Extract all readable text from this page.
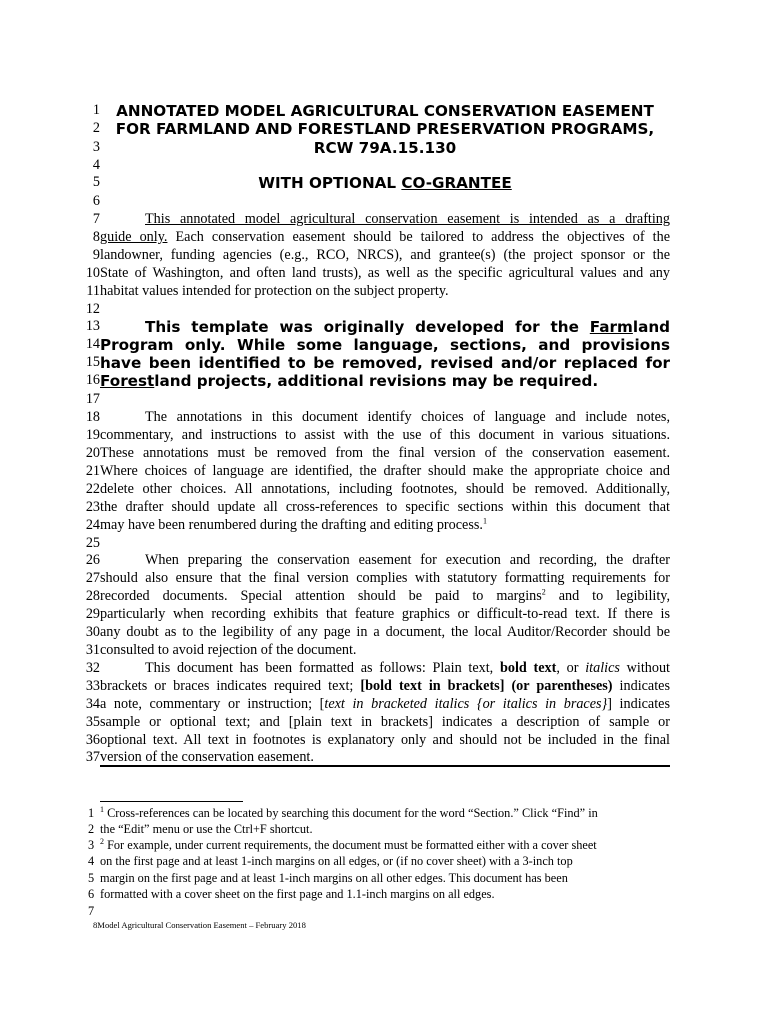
1	ANNOTATED MODEL AGRICULTURAL CONSERVATION EASEMENT
2	FOR FARMLAND AND FORESTLAND PRESERVATION PROGRAMS,
3	RCW 79A.15.130
4
5	WITH OPTIONAL CO-GRANTEE
6
7	This annotated model agricultural conservation easement is intended as a drafting
8 guide only. Each conservation easement should be tailored to address the objectives of the
9 landowner, funding agencies (e.g., RCO, NRCS), and grantee(s) (the project sponsor or the
10 State of Washington, and often land trusts), as well as the specific agricultural values and any
11 habitat values intended for protection on the subject property.
12
13	This template was originally developed for the Farmland
14 Program only. While some language, sections, and provisions
15 have been identified to be removed, revised and/or replaced for
16 Forestland projects, additional revisions may be required.
17
18	The annotations in this document identify choices of language and include notes,
19 commentary, and instructions to assist with the use of this document in various situations.
20 These annotations must be removed from the final version of the conservation easement.
21 Where choices of language are identified, the drafter should make the appropriate choice and
22 delete other choices. All annotations, including footnotes, should be removed. Additionally,
23 the drafter should update all cross-references to specific sections within this document that
24 may have been renumbered during the drafting and editing process.$^1$
25
26	When preparing the conservation easement for execution and recording, the drafter
27 should also ensure that the final version complies with statutory formatting requirements for
28 recorded documents. Special attention should be paid to margins$^2$ and to legibility,
29 particularly when recording exhibits that feature graphics or difficult-to-read text. If there is
30 any doubt as to the legibility of any page in a document, the local Auditor/Recorder should be
31 consulted to avoid rejection of the document.
32	This document has been formatted as follows: Plain text, bold text, or italics without
33 brackets or braces indicates required text; [bold text in brackets] (or parentheses) indicates
34 a note, commentary or instruction; [text in bracketed italics {or italics in braces}] indicates
35 sample or optional text; and [plain text in brackets] indicates a description of sample or
36 optional text. All text in footnotes is explanatory only and should not be included in the final
37 version of the conservation easement.
1 $^1$ Cross-references can be located by searching this document for the word “Section.” Click “Find” in
2 the “Edit” menu or use the Ctrl+F shortcut.
3 $^2$ For example, under current requirements, the document must be formatted either with a cover sheet
4 on the first page and at least 1-inch margins on all edges, or (if no cover sheet) with a 3-inch top
5 margin on the first page and at least 1-inch margins on all other edges. This document has been
6 formatted with a cover sheet on the first page and 1.1-inch margins on all edges.
7
8Model Agricultural Conservation Easement – February 2018
